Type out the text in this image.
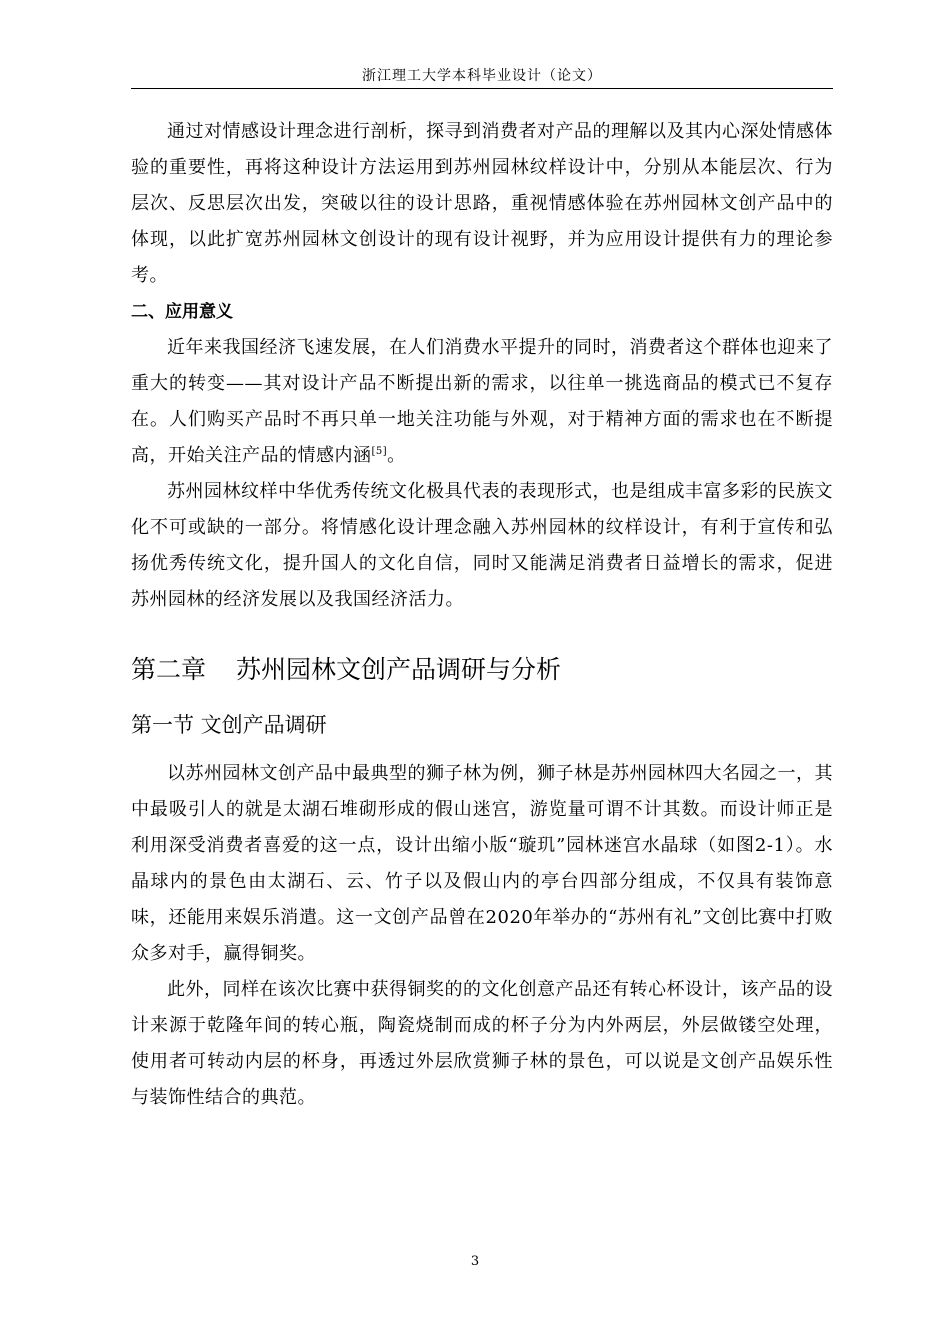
浙江理工大学本科毕业设计（论文）

通过对情感设计理念进行剖析，探寻到消费者对产品的理解以及其内心深处情感体验的重要性，再将这种设计方法运用到苏州园林纹样设计中，分别从本能层次、行为层次、反思层次出发，突破以往的设计思路，重视情感体验在苏州园林文创产品中的体现，以此扩宽苏州园林文创设计的现有设计视野，并为应用设计提供有力的理论参考。

二、应用意义

近年来我国经济飞速发展，在人们消费水平提升的同时，消费者这个群体也迎来了重大的转变——其对设计产品不断提出新的需求，以往单一挑选商品的模式已不复存在。人们购买产品时不再只单一地关注功能与外观，对于精神方面的需求也在不断提高，开始关注产品的情感内涵[5]。

苏州园林纹样中华优秀传统文化极具代表的表现形式，也是组成丰富多彩的民族文化不可或缺的一部分。将情感化设计理念融入苏州园林的纹样设计，有利于宣传和弘扬优秀传统文化，提升国人的文化自信，同时又能满足消费者日益增长的需求，促进苏州园林的经济发展以及我国经济活力。

第二章 苏州园林文创产品调研与分析
第一节 文创产品调研

以苏州园林文创产品中最典型的狮子林为例，狮子林是苏州园林四大名园之一，其中最吸引人的就是太湖石堆砌形成的假山迷宫，游览量可谓不计其数。而设计师正是利用深受消费者喜爱的这一点，设计出缩小版“璇玑”园林迷宫水晶球（如图2-1）。水晶球内的景色由太湖石、云、竹子以及假山内的亭台四部分组成，不仅具有装饰意味，还能用来娱乐消遣。这一文创产品曾在2020年举办的“苏州有礼”文创比赛中打败众多对手，赢得铜奖。

此外，同样在该次比赛中获得铜奖的的文化创意产品还有转心杯设计，该产品的设计来源于乾隆年间的转心瓶，陶瓷烧制而成的杯子分为内外两层，外层做镂空处理，使用者可转动内层的杯身，再透过外层欣赏狮子林的景色，可以说是文创产品娱乐性与装饰性结合的典范。

3
